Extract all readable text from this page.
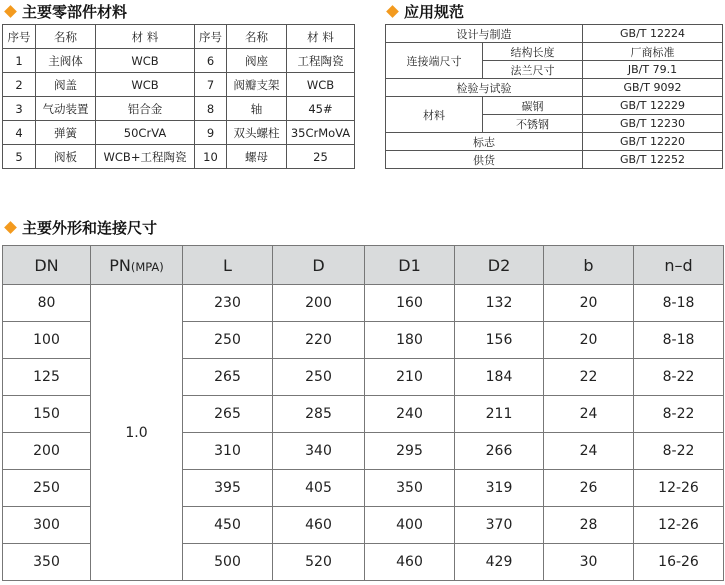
主要零部件材料
序号	名称	材 料	序号	名称	材 料
1	主阀体	WCB	6	阀座	工程陶瓷
2	阀盖	WCB	7	阀瓣支架	WCB
3	气动装置	铝合金	8	轴	45#
4	弹簧	50CrVA	9	双头螺柱	35CrMoVA
5	阀板	WCB+工程陶瓷	10	螺母	25
应用规范
设计与制造		GB/T 12224
连接端尺寸	结构长度	厂商标准
	法兰尺寸	JB/T 79.1
检验与试验		GB/T 9092
材料	碳钢	GB/T 12229
	不锈钢	GB/T 12230
标志		GB/T 12220
供货		GB/T 12252
主要外形和连接尺寸
DN	PN(MPA)	L	D	D1	D2	b	n–d
80	1.0	230	200	160	132	20	8-18
100		250	220	180	156	20	8-18
125		265	250	210	184	22	8-22
150		265	285	240	211	24	8-22
200		310	340	295	266	24	8-22
250		395	405	350	319	26	12-26
300		450	460	400	370	28	12-26
350		500	520	460	429	30	16-26
